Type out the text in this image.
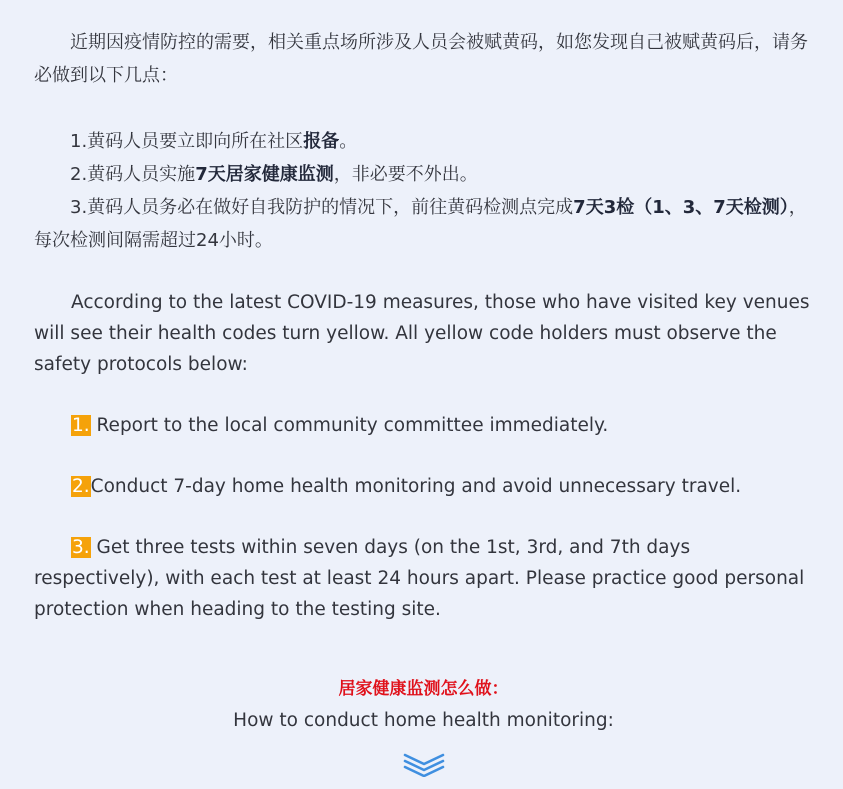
近期因疫情防控的需要，相关重点场所涉及人员会被赋黄码，如您发现自己被赋黄码后，请务必做到以下几点：

1.黄码人员要立即向所在社区报备。

2.黄码人员实施7天居家健康监测，非必要不外出。

3.黄码人员务必在做好自我防护的情况下，前往黄码检测点完成7天3检（1、3、7天检测），每次检测间隔需超过24小时。

According to the latest COVID-19 measures, those who have visited key venues will see their health codes turn yellow. All yellow code holders must observe the safety protocols below:

1. Report to the local community committee immediately.

2.Conduct 7-day home health monitoring and avoid unnecessary travel.

3. Get three tests within seven days (on the 1st, 3rd, and 7th days respectively), with each test at least 24 hours apart. Please practice good personal protection when heading to the testing site.

居家健康监测怎么做：

How to conduct home health monitoring:
